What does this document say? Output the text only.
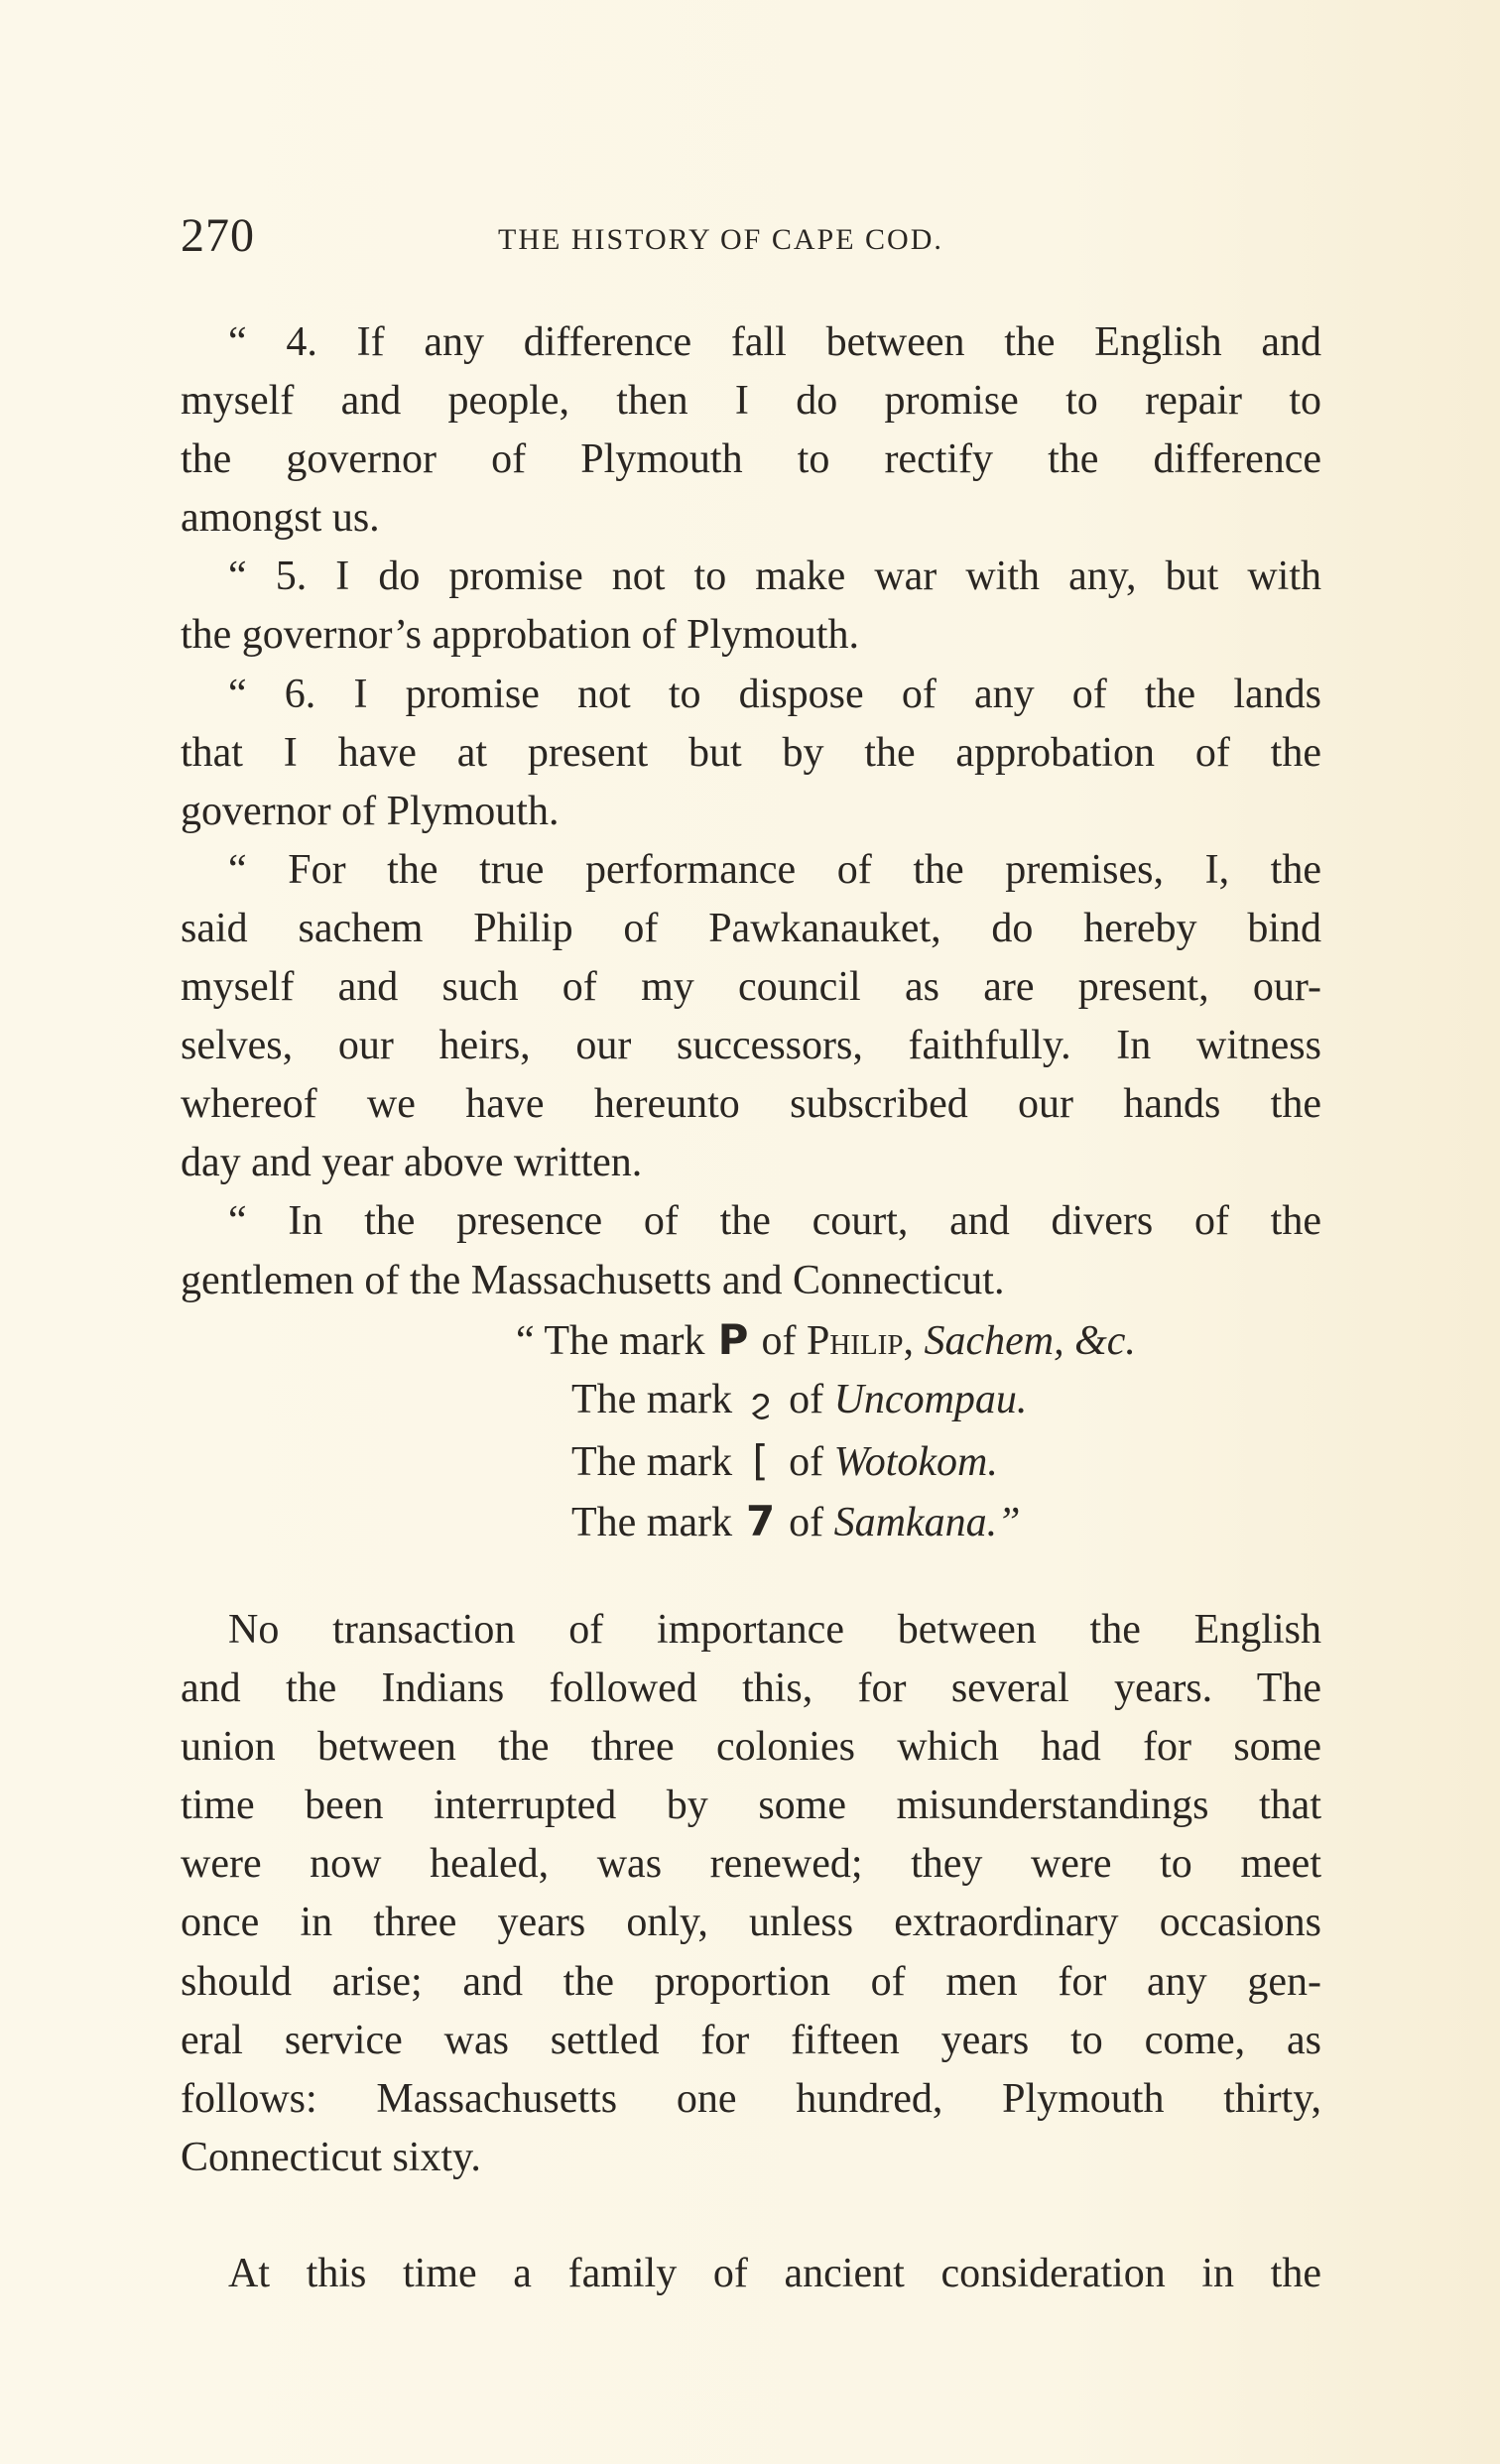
270	THE HISTORY OF CAPE COD.
“ 4. If any difference fall between the English and
myself and people, then I do promise to repair to
the governor of Plymouth to rectify the difference
amongst us.
“ 5. I do promise not to make war with any, but with
the governor’s approbation of Plymouth.
“ 6. I promise not to dispose of any of the lands
that I have at present but by the approbation of the
governor of Plymouth.
“ For the true performance of the premises, I, the
said sachem Philip of Pawkanauket, do hereby bind
myself and such of my council as are present, our-
selves, our heirs, our successors, faithfully. In witness
whereof we have hereunto subscribed our hands the
day and year above written.
“ In the presence of the court, and divers of the
gentlemen of the Massachusetts and Connecticut.
“ The mark P of Philip, Sachem, &c.
The mark ϩ of Uncompau.
The mark [ of Wotokom.
The mark 7 of Samkana.”
No transaction of importance between the English
and the Indians followed this, for several years. The
union between the three colonies which had for some
time been interrupted by some misunderstandings that
were now healed, was renewed; they were to meet
once in three years only, unless extraordinary occasions
should arise; and the proportion of men for any gen-
eral service was settled for fifteen years to come, as
follows: Massachusetts one hundred, Plymouth thirty,
Connecticut sixty.
At this time a family of ancient consideration in the
